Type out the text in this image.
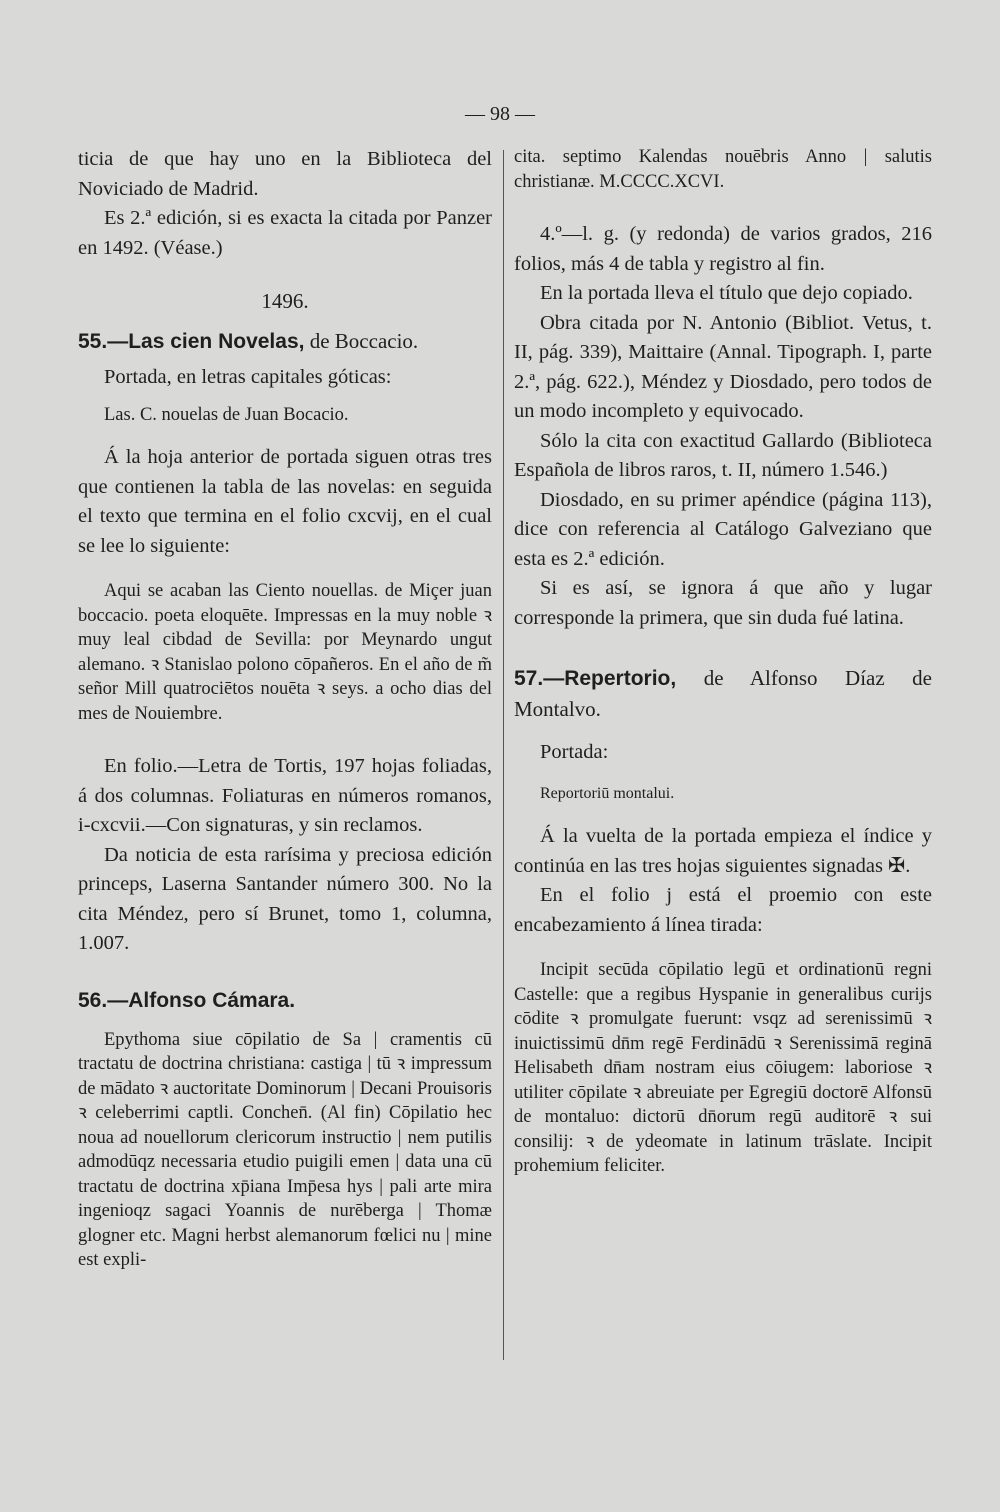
— 98 —

ticia de que hay uno en la Biblioteca del Noviciado de Madrid.

Es 2.ª edición, si es exacta la citada por Panzer en 1492. (Véase.)

1496.

55.—Las cien Novelas, de Boccacio.

Portada, en letras capitales góticas:

Las. C. nouelas de Juan Bocacio.

Á la hoja anterior de portada siguen otras tres que contienen la tabla de las novelas: en seguida el texto que termina en el folio cxcvij, en el cual se lee lo siguiente:

Aqui se acaban las Ciento nouellas. de Miçer juan boccacio. poeta eloquēte. Impressas en la muy noble ꝛ muy leal cibdad de Sevilla: por Meynardo ungut alemano. ꝛ Stanislao polono cōpañeros. En el año de m̃ señor Mill quatrociētos nouēta ꝛ seys. a ocho dias del mes de Nouiembre.

En folio.—Letra de Tortis, 197 hojas foliadas, á dos columnas. Foliaturas en números romanos, i-cxcvii.—Con signaturas, y sin reclamos.

Da noticia de esta rarísima y preciosa edición princeps, Laserna Santander número 300. No la cita Méndez, pero sí Brunet, tomo 1, columna, 1.007.

56.—Alfonso Cámara.

Epythoma siue cōpilatio de Sa | cramentis cū tractatu de doctrina christiana: castiga | tū ꝛ impressum de mādato ꝛ auctoritate Dominorum | Decani Prouisoris ꝛ celeberrimi captli. Conchen̄. (Al fin) Cōpilatio hec noua ad nouellorum clericorum instructio | nem putilis admodūqz necessaria etudio puigili emen | data una cū tractatu de doctrina xp̄iana Imp̄esa hys | pali arte mira ingenioqz sagaci Yoannis de nurēberga | Thomæ glogner etc. Magni herbst alemanorum fœlici nu | mine est expli-

cita. septimo Kalendas nouēbris Anno | salutis christianæ. M.CCCC.XCVI.

4.º—l. g. (y redonda) de varios grados, 216 folios, más 4 de tabla y registro al fin.

En la portada lleva el título que dejo copiado.

Obra citada por N. Antonio (Bibliot. Vetus, t. II, pág. 339), Maittaire (Annal. Tipograph. I, parte 2.ª, pág. 622.), Méndez y Diosdado, pero todos de un modo incompleto y equivocado.

Sólo la cita con exactitud Gallardo (Biblioteca Española de libros raros, t. II, número 1.546.)

Diosdado, en su primer apéndice (página 113), dice con referencia al Catálogo Galveziano que esta es 2.ª edición.

Si es así, se ignora á que año y lugar corresponde la primera, que sin duda fué latina.

57.—Repertorio, de Alfonso Díaz de Montalvo.

Portada:

Reportoriū montalui.

Á la vuelta de la portada empieza el índice y continúa en las tres hojas siguientes signadas ✠.

En el folio j está el proemio con este encabezamiento á línea tirada:

Incipit secūda cōpilatio legū et ordinationū regni Castelle: que a regibus Hyspanie in generalibus curijs cōdite ꝛ promulgate fuerunt: vsqz ad serenissimū ꝛ inuictissimū dn̄m regē Ferdinādū ꝛ Serenissimā reginā Helisabeth dn̄am nostram eius cōiugem: laboriose ꝛ utiliter cōpilate ꝛ abreuiate per Egregiū doctorē Alfonsū de montaluo: dictorū dn̄orum regū auditorē ꝛ sui consilij: ꝛ de ydeomate in latinum trāslate. Incipit prohemium feliciter.
